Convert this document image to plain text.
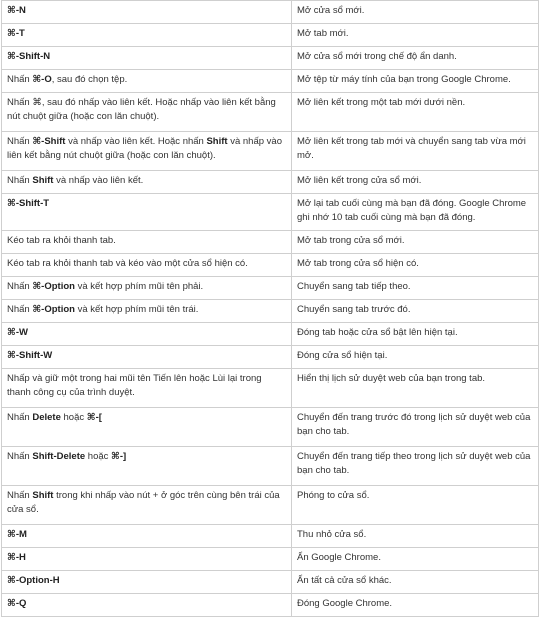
⌘-N	Mở cửa sổ mới.
⌘-T	Mở tab mới.
⌘-Shift-N	Mở cửa sổ mới trong chế độ ẩn danh.
Nhấn ⌘-O, sau đó chọn tệp.	Mở tệp từ máy tính của bạn trong Google Chrome.
Nhấn ⌘, sau đó nhấp vào liên kết. Hoặc nhấp vào liên kết bằng nút chuột giữa (hoặc con lăn chuột).	Mở liên kết trong một tab mới dưới nền.
Nhấn ⌘-Shift và nhấp vào liên kết. Hoặc nhấn Shift và nhấp vào liên kết bằng nút chuột giữa (hoặc con lăn chuột).	Mở liên kết trong tab mới và chuyển sang tab vừa mới mở.
Nhấn Shift và nhấp vào liên kết.	Mở liên kết trong cửa sổ mới.
⌘-Shift-T	Mở lại tab cuối cùng mà bạn đã đóng. Google Chrome ghi nhớ 10 tab cuối cùng mà bạn đã đóng.
Kéo tab ra khỏi thanh tab.	Mở tab trong cửa sổ mới.
Kéo tab ra khỏi thanh tab và kéo vào một cửa sổ hiện có.	Mở tab trong cửa sổ hiện có.
Nhấn ⌘-Option và kết hợp phím mũi tên phải.	Chuyển sang tab tiếp theo.
Nhấn ⌘-Option và kết hợp phím mũi tên trái.	Chuyển sang tab trước đó.
⌘-W	Đóng tab hoặc cửa sổ bật lên hiện tại.
⌘-Shift-W	Đóng cửa sổ hiện tại.
Nhấp và giữ một trong hai mũi tên Tiến lên hoặc Lùi lại trong thanh công cụ của trình duyệt.	Hiển thị lịch sử duyệt web của bạn trong tab.
Nhấn Delete hoặc ⌘-[	Chuyển đến trang trước đó trong lịch sử duyệt web của bạn cho tab.
Nhấn Shift-Delete hoặc ⌘-]	Chuyển đến trang tiếp theo trong lịch sử duyệt web của bạn cho tab.
Nhấn Shift trong khi nhấp vào nút + ở góc trên cùng bên trái của cửa sổ.	Phóng to cửa sổ.
⌘-M	Thu nhỏ cửa sổ.
⌘-H	Ẩn Google Chrome.
⌘-Option-H	Ẩn tất cả cửa sổ khác.
⌘-Q	Đóng Google Chrome.
